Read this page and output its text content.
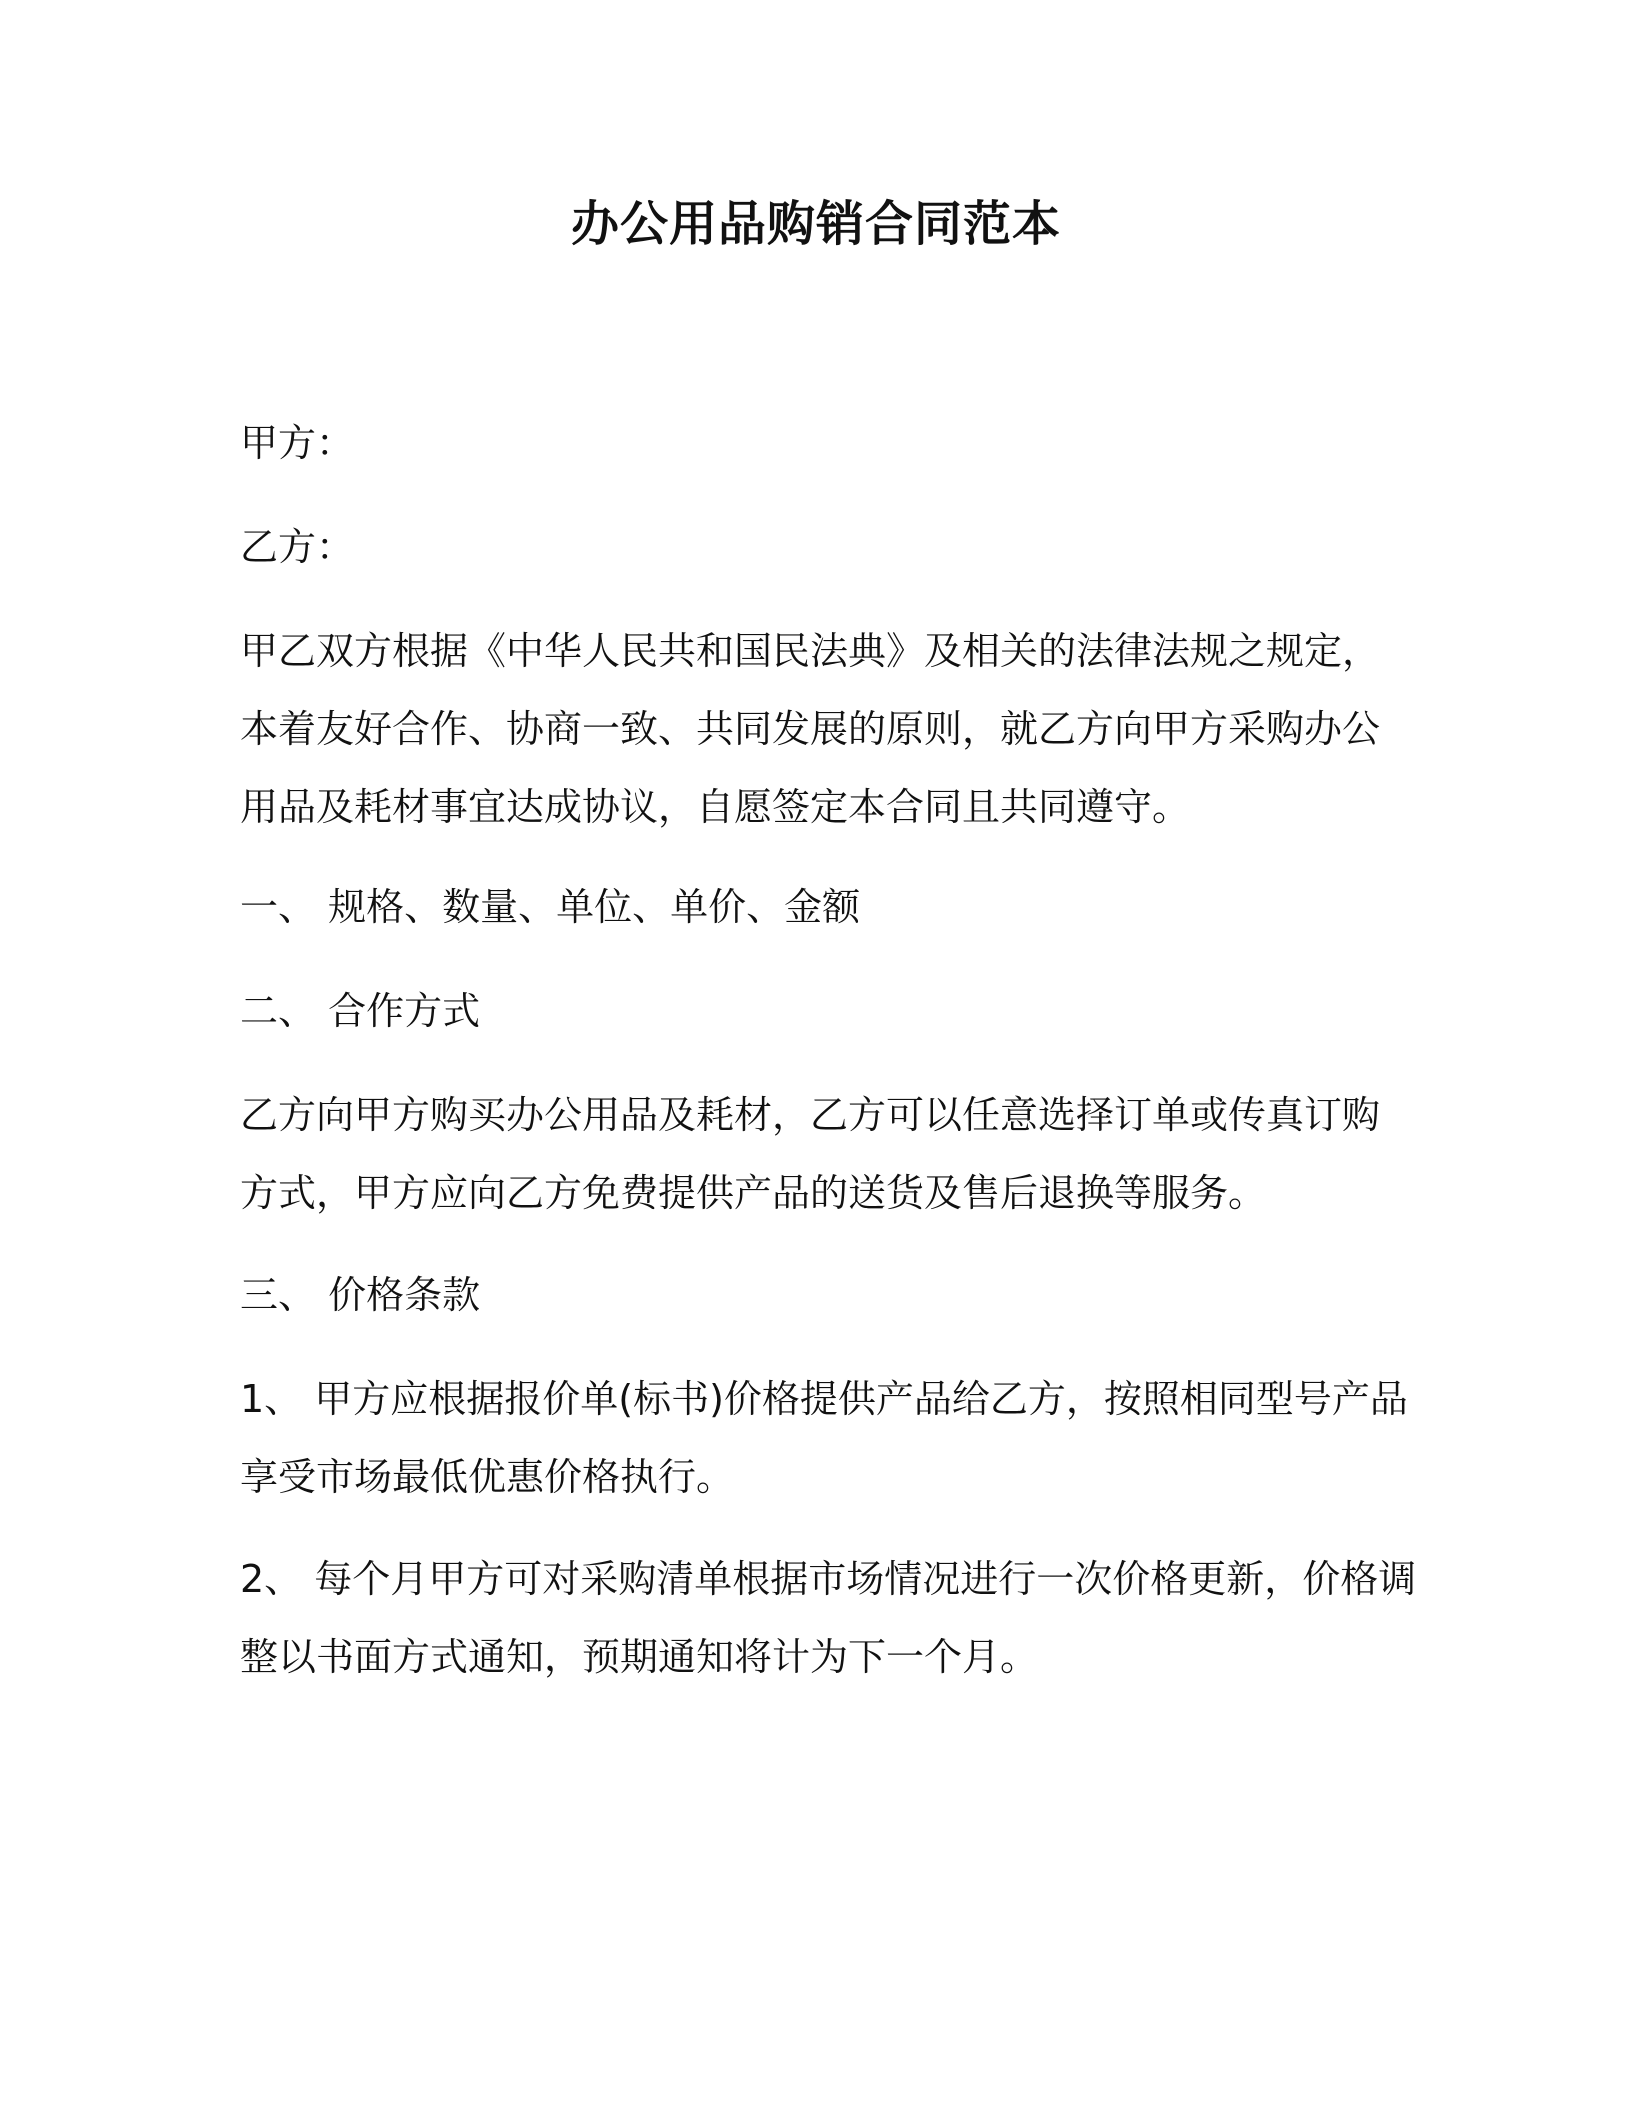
办公用品购销合同范本
甲方：
乙方：
甲乙双方根据《中华人民共和国民法典》及相关的法律法规之规定，
本着友好合作、协商一致、共同发展的原则，就乙方向甲方采购办公
用品及耗材事宜达成协议，自愿签定本合同且共同遵守。
一、 规格、数量、单位、单价、金额
二、 合作方式
乙方向甲方购买办公用品及耗材，乙方可以任意选择订单或传真订购
方式，甲方应向乙方免费提供产品的送货及售后退换等服务。
三、 价格条款
1、 甲方应根据报价单(标书)价格提供产品给乙方，按照相同型号产品
享受市场最低优惠价格执行。
2、 每个月甲方可对采购清单根据市场情况进行一次价格更新，价格调
整以书面方式通知，预期通知将计为下一个月。
